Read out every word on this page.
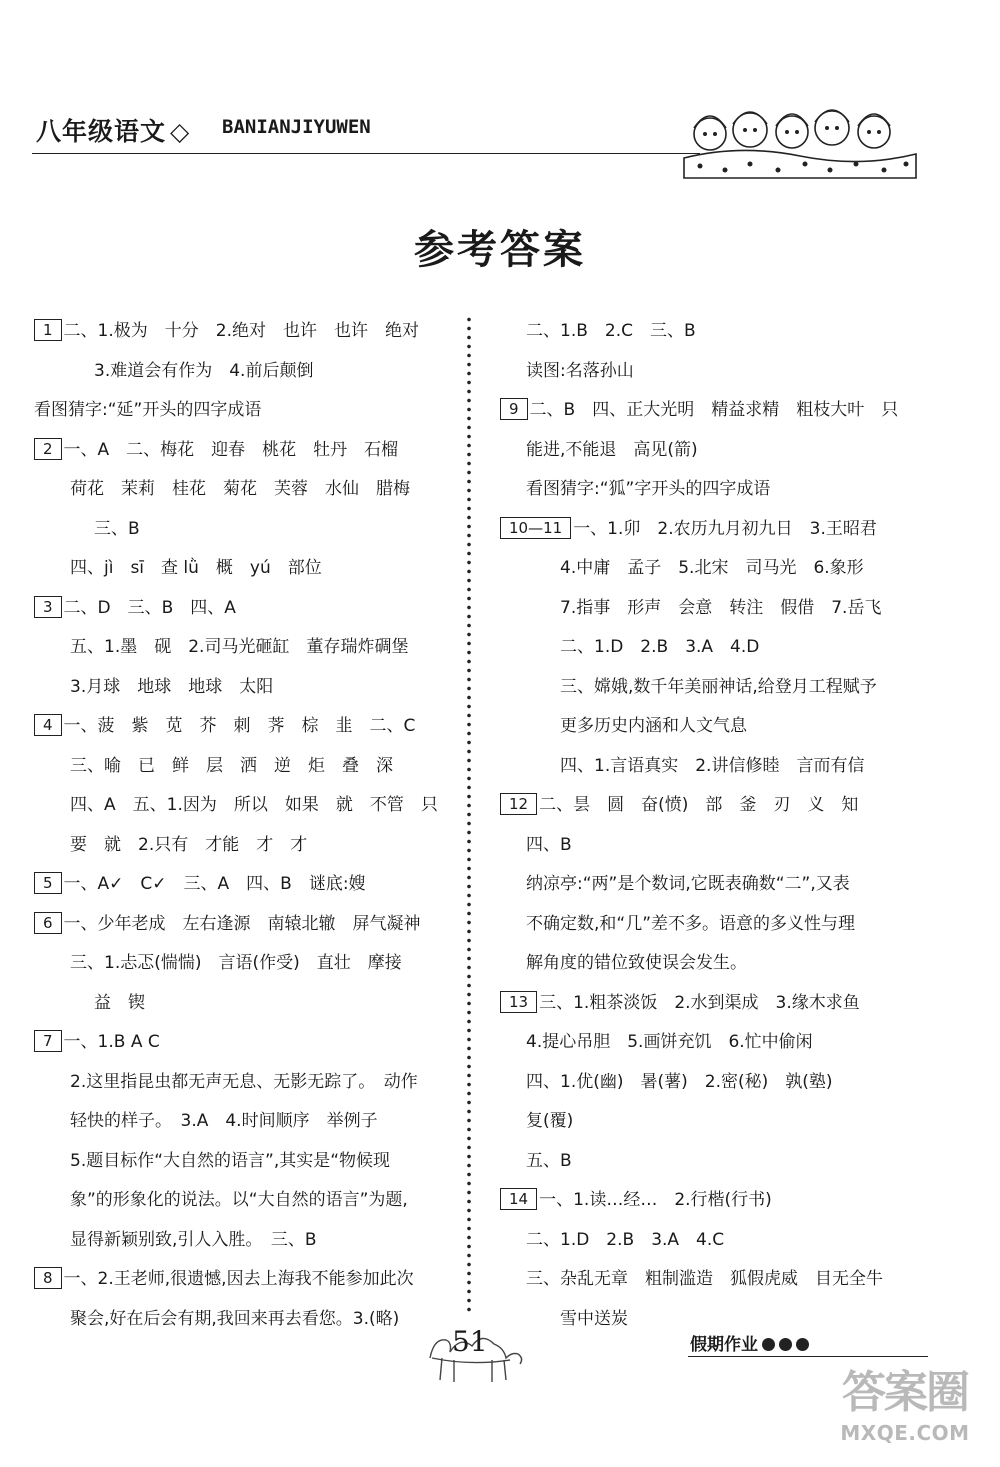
八年级语文 ◇ BANIANJIYUWEN
参考答案
1 二、1.极为　十分　2.绝对　也许　也许　绝对
3.难道会有作为　4.前后颠倒
看图猜字:“延”开头的四字成语
2 一、A　二、梅花　迎春　桃花　牡丹　石榴
荷花　茉莉　桂花　菊花　芙蓉　水仙　腊梅
三、B
四、jì　sī　查 lǜ　概　yú　部位
3 二、D　三、B　四、A
五、1.墨　砚　2.司马光砸缸　董存瑞炸碉堡
3.月球　地球　地球　太阳
4 一、菠　紫　苋　芥　刺　荠　棕　韭　二、C
三、喻　已　鲜　层　洒　逆　炬　叠　深
四、A　五、1.因为　所以　如果　就　不管　只
要　就　2.只有　才能　才　才
5 一、A✓　C✓　三、A　四、B　谜底:嫂
6 一、少年老成　左右逢源　南辕北辙　屏气凝神
三、1.忐忑(惴惴)　言语(作受)　直壮　摩接
益　锲
7 一、1.B A C
2.这里指昆虫都无声无息、无影无踪了。　动作
轻快的样子。　3.A　4.时间顺序　举例子
5.题目标作“大自然的语言”,其实是“物候现
象”的形象化的说法。以“大自然的语言”为题,
显得新颖别致,引人入胜。　三、B
8 一、2.王老师,很遗憾,因去上海我不能参加此次
聚会,好在后会有期,我回来再去看您。3.(略)
二、1.B　2.C　三、B
读图:名落孙山
9 二、B　四、正大光明　精益求精　粗枝大叶　只
能进,不能退　高见(箭)
看图猜字:“狐”字开头的四字成语
10—11 一、1.卯　2.农历九月初九日　3.王昭君
4.中庸　孟子　5.北宋　司马光　6.象形
7.指事　形声　会意　转注　假借　7.岳飞
二、1.D　2.B　3.A　4.D
三、嫦娥,数千年美丽神话,给登月工程赋予
更多历史内涵和人文气息
四、1.言语真实　2.讲信修睦　言而有信
12 二、昙　圆　奋(愤)　部　釜　刃　义　知
四、B
纳凉亭:“两”是个数词,它既表确数“二”,又表
不确定数,和“几”差不多。语意的多义性与理
解角度的错位致使误会发生。
13 三、1.粗茶淡饭　2.水到渠成　3.缘木求鱼
4.提心吊胆　5.画饼充饥　6.忙中偷闲
四、1.优(幽)　暑(薯)　2.密(秘)　孰(塾)
复(覆)
五、B
14 一、1.读…经…　2.行楷(行书)
二、1.D　2.B　3.A　4.C
三、杂乱无章　粗制滥造　狐假虎威　目无全牛
雪中送炭
51	假期作业
答案圈
MXQE.COM
